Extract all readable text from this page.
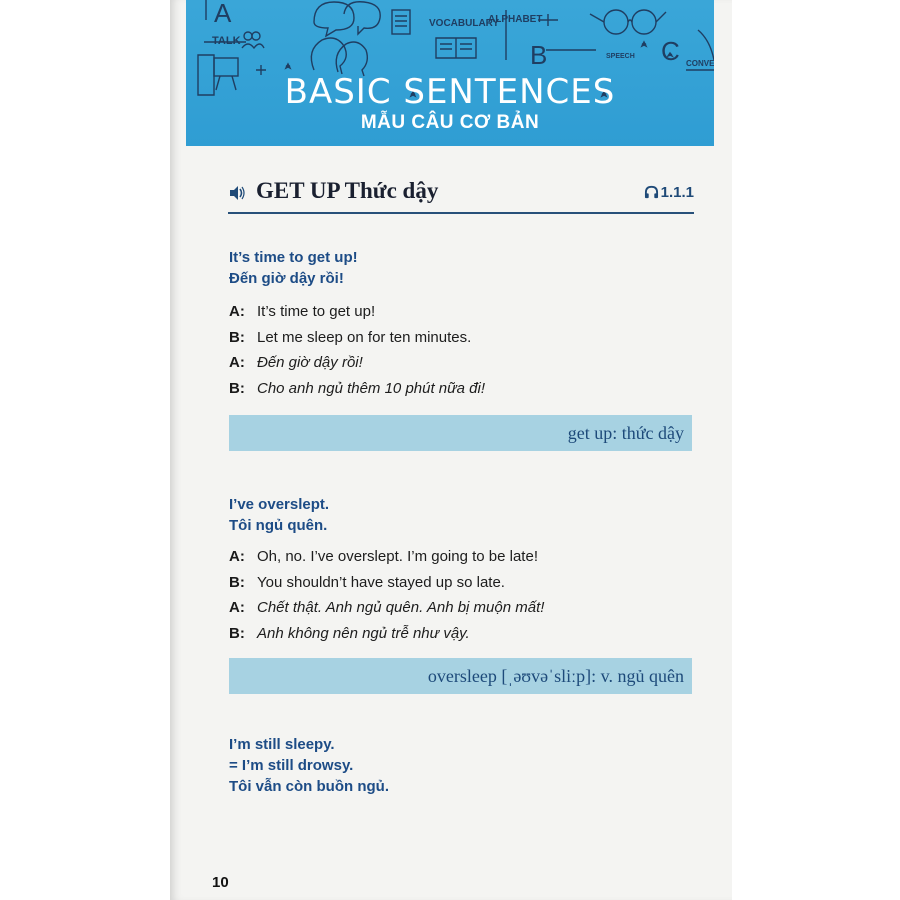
A
TALK
VOCABULARY
ALPHABET
B	SPEECH C CONVE
BASIC SENTENCES
MẪU CÂU CƠ BẢN
GET UP Thức dậy	1.1.1
It’s time to get up!
Đến giờ dậy rồi!
A: It’s time to get up!
B: Let me sleep on for ten minutes.
A: Đến giờ dậy rồi!
B: Cho anh ngủ thêm 10 phút nữa đi!
get up: thức dậy
I’ve overslept.
Tôi ngủ quên.
A: Oh, no. I’ve overslept. I’m going to be late!
B: You shouldn’t have stayed up so late.
A: Chết thật. Anh ngủ quên. Anh bị muộn mất!
B: Anh không nên ngủ trễ như vậy.
oversleep [ˌəʊvəˈsliːp]: v. ngủ quên
I’m still sleepy.
= I’m still drowsy.
Tôi vẫn còn buồn ngủ.
10
